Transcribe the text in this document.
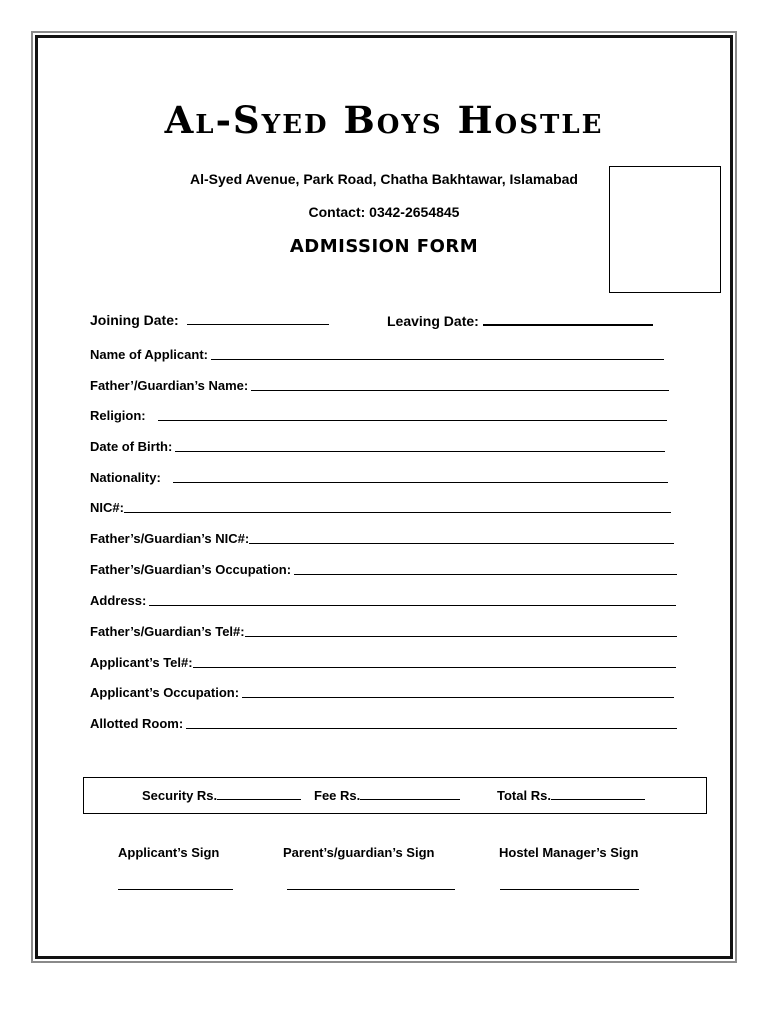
Al-Syed Boys Hostle
Al-Syed Avenue, Park Road, Chatha Bakhtawar, Islamabad
Contact: 0342-2654845
ADMISSION FORM
Joining Date:	Leaving Date:
Name of Applicant:
Father’/Guardian’s Name:
Religion:
Date of Birth:
Nationality:
NIC#:
Father’s/Guardian’s NIC#:
Father’s/Guardian’s Occupation:
Address:
Father’s/Guardian’s Tel#:
Applicant’s Tel#:
Applicant’s Occupation:
Allotted Room:
Security Rs.	Fee Rs.	Total Rs.
Applicant’s Sign	Parent’s/guardian’s Sign	Hostel Manager’s Sign
